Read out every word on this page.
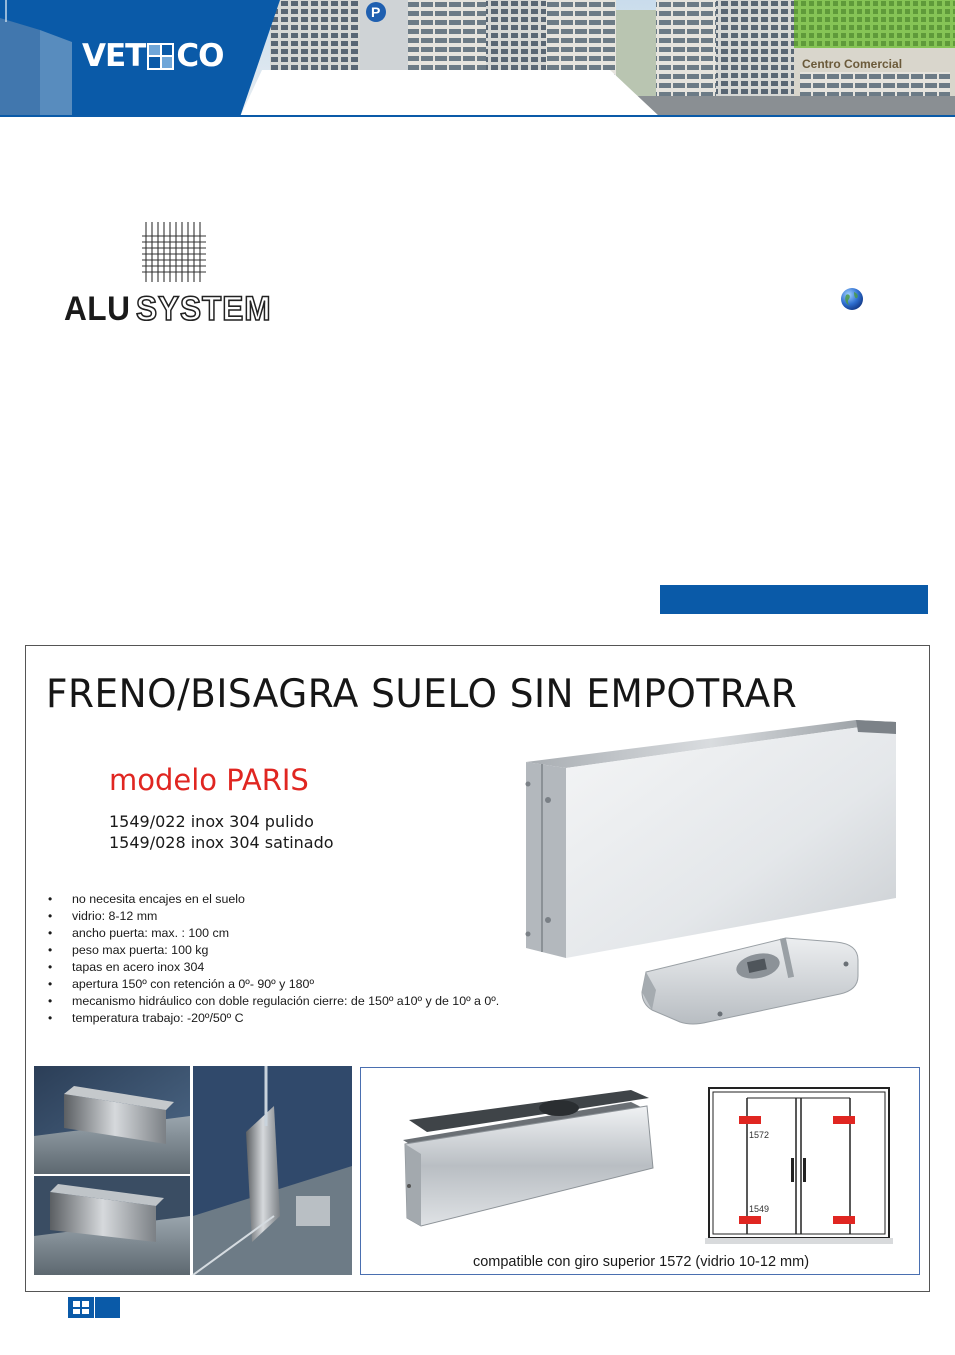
P
Centro Comercial
VET CO
ALU SYSTEM
FRENO/BISAGRA SUELO SIN EMPOTRAR
modelo PARIS
1549/022 inox 304 pulido
1549/028 inox 304 satinado
• no necesita encajes en el suelo
• vidrio: 8-12 mm
• ancho puerta: max. : 100 cm
• peso max puerta: 100 kg
• tapas en acero inox 304
• apertura 150º con retención a 0º- 90º y 180º
• mecanismo hidráulico con doble regulación cierre: de 150º a10º y de 10º a 0º.
• temperatura trabajo: -20º/50º C
1572
1549
compatible con giro superior 1572 (vidrio 10-12 mm)
